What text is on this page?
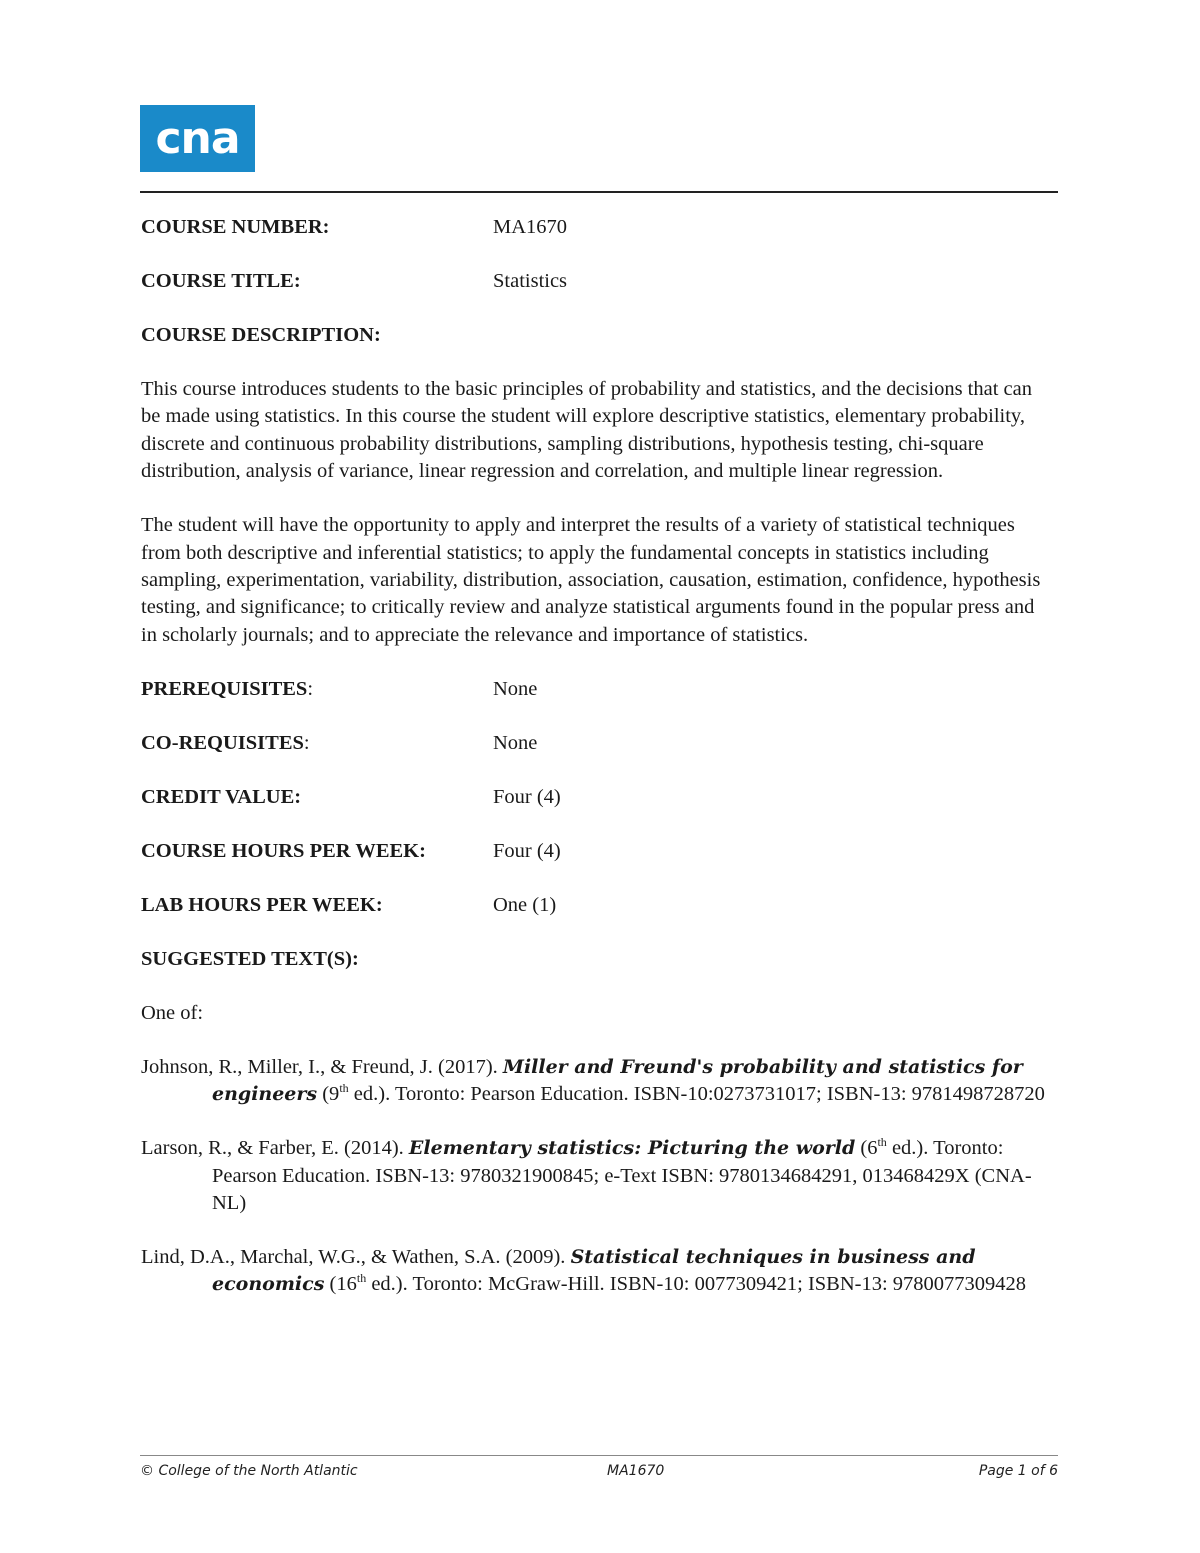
cna
COURSE NUMBER:	MA1670
COURSE TITLE:	Statistics
COURSE DESCRIPTION:
This course introduces students to the basic principles of probability and statistics, and the decisions that can be made using statistics. In this course the student will explore descriptive statistics, elementary probability, discrete and continuous probability distributions, sampling distributions, hypothesis testing, chi-square distribution, analysis of variance, linear regression and correlation, and multiple linear regression.
The student will have the opportunity to apply and interpret the results of a variety of statistical techniques from both descriptive and inferential statistics; to apply the fundamental concepts in statistics including sampling, experimentation, variability, distribution, association, causation, estimation, confidence, hypothesis testing, and significance; to critically review and analyze statistical arguments found in the popular press and in scholarly journals; and to appreciate the relevance and importance of statistics.
PREREQUISITES:	None
CO-REQUISITES:	None
CREDIT VALUE:	Four (4)
COURSE HOURS PER WEEK:	Four (4)
LAB HOURS PER WEEK:	One (1)
SUGGESTED TEXT(S):
One of:
Johnson, R., Miller, I., & Freund, J. (2017). Miller and Freund's probability and statistics for engineers (9th ed.). Toronto: Pearson Education. ISBN-10:0273731017; ISBN-13: 9781498728720
Larson, R., & Farber, E. (2014). Elementary statistics: Picturing the world (6th ed.). Toronto: Pearson Education. ISBN-13: 9780321900845; e-Text ISBN: 9780134684291, 013468429X (CNA-NL)
Lind, D.A., Marchal, W.G., & Wathen, S.A. (2009). Statistical techniques in business and economics (16th ed.). Toronto: McGraw-Hill. ISBN-10: 0077309421; ISBN-13: 9780077309428
© College of the North Atlantic	MA1670	Page 1 of 6
